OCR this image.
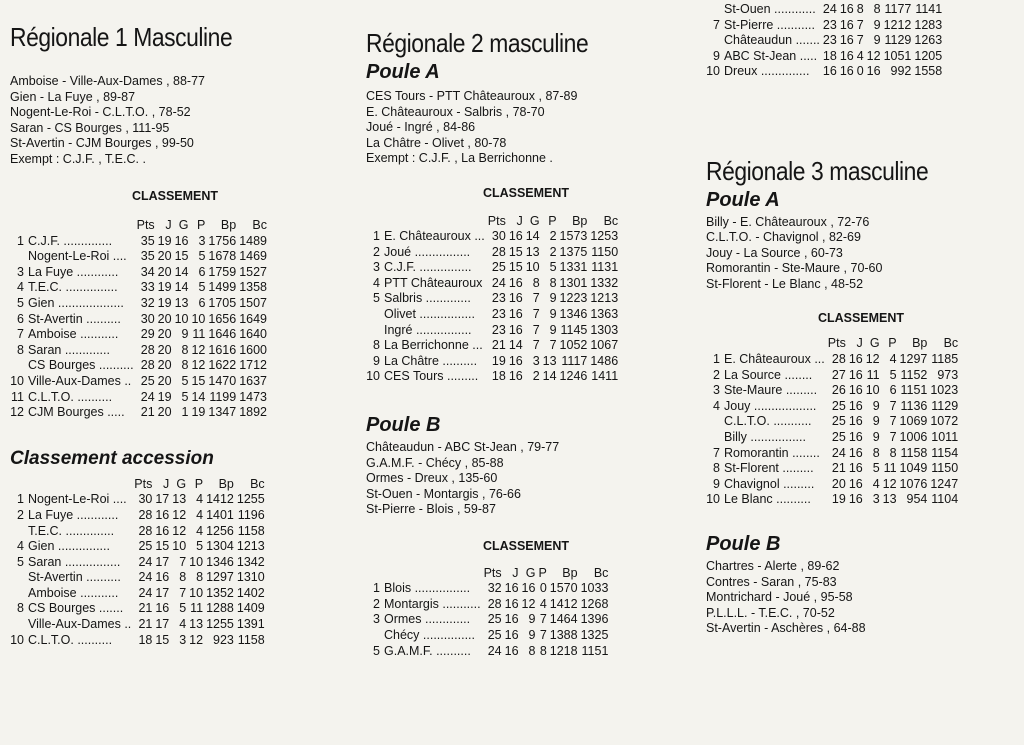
Régionale 1 Masculine
Amboise - Ville-Aux-Dames , 88-77
Gien - La Fuye , 89-87
Nogent-Le-Roi - C.L.T.O. , 78-52
Saran - CS Bourges , 111-95
St-Avertin - CJM Bourges , 99-50
Exempt : C.J.F. , T.E.C. .
CLASSEMENT
		Pts	J	G	P	Bp	Bc
1	C.J.F. ..............	35	19	16	3	1756	1489
	Nogent-Le-Roi ....	35	20	15	5	1678	1469
3	La Fuye ............	34	20	14	6	1759	1527
4	T.E.C. ...............	33	19	14	5	1499	1358
5	Gien ...................	32	19	13	6	1705	1507
6	St-Avertin ..........	30	20	10	10	1656	1649
7	Amboise ...........	29	20	9	11	1646	1640
8	Saran .............	28	20	8	12	1616	1600
	CS Bourges ..........	28	20	8	12	1622	1712
10	Ville-Aux-Dames ..	25	20	5	15	1470	1637
11	C.L.T.O. ..........	24	19	5	14	1199	1473
12	CJM Bourges .....	21	20	1	19	1347	1892
Classement accession
		Pts	J	G	P	Bp	Bc
1	Nogent-Le-Roi ....	30	17	13	4	1412	1255
2	La Fuye ............	28	16	12	4	1401	1196
	T.E.C. ..............	28	16	12	4	1256	1158
4	Gien ...............	25	15	10	5	1304	1213
5	Saran ................	24	17	7	10	1346	1342
	St-Avertin ..........	24	16	8	8	1297	1310
	Amboise ...........	24	17	7	10	1352	1402
8	CS Bourges .......	21	16	5	11	1288	1409
	Ville-Aux-Dames ..	21	17	4	13	1255	1391
10	C.L.T.O. ..........	18	15	3	12	923	1158
Régionale 2 masculine
Poule A
CES Tours - PTT Châteauroux , 87-89
E. Châteauroux - Salbris , 78-70
Joué - Ingré , 84-86
La Châtre - Olivet , 80-78
Exempt : C.J.F. , La Berrichonne .
CLASSEMENT
		Pts	J	G	P	Bp	Bc
1	E. Châteauroux ...	30	16	14	2	1573	1253
2	Joué ................	28	15	13	2	1375	1150
3	C.J.F. ...............	25	15	10	5	1331	1131
4	PTT Châteauroux	24	16	8	8	1301	1332
5	Salbris .............	23	16	7	9	1223	1213
	Olivet ................	23	16	7	9	1346	1363
	Ingré ................	23	16	7	9	1145	1303
8	La Berrichonne ...	21	14	7	7	1052	1067
9	La Châtre ..........	19	16	3	13	1117	1486
10	CES Tours .........	18	16	2	14	1246	1411
Poule B
Châteaudun - ABC St-Jean , 79-77
G.A.M.F. - Chécy , 85-88
Ormes - Dreux , 135-60
St-Ouen - Montargis , 76-66
St-Pierre - Blois , 59-87
CLASSEMENT
		Pts	J	G	P	Bp	Bc
1	Blois ................	32	16	16	0	1570	1033
2	Montargis ...........	28	16	12	4	1412	1268
3	Ormes .............	25	16	9	7	1464	1396
	Chécy ...............	25	16	9	7	1388	1325
5	G.A.M.F. ..........	24	16	8	8	1218	1151
	St-Ouen ............	24	16	8	8	1177	1141
7	St-Pierre ...........	23	16	7	9	1212	1283
	Châteaudun .......	23	16	7	9	1129	1263
9	ABC St-Jean .....	18	16	4	12	1051	1205
10	Dreux ..............	16	16	0	16	992	1558
Régionale 3 masculine
Poule A
Billy - E. Châteauroux , 72-76
C.L.T.O. - Chavignol , 82-69
Jouy - La Source , 60-73
Romorantin - Ste-Maure , 70-60
St-Florent - Le Blanc , 48-52
CLASSEMENT
		Pts	J	G	P	Bp	Bc
1	E. Châteauroux ...	28	16	12	4	1297	1185
2	La Source ........	27	16	11	5	1152	973
3	Ste-Maure .........	26	16	10	6	1151	1023
4	Jouy ..................	25	16	9	7	1136	1129
	C.L.T.O. ...........	25	16	9	7	1069	1072
	Billy ................	25	16	9	7	1006	1011
7	Romorantin ........	24	16	8	8	1158	1154
8	St-Florent .........	21	16	5	11	1049	1150
9	Chavignol .........	20	16	4	12	1076	1247
10	Le Blanc ..........	19	16	3	13	954	1104
Poule B
Chartres - Alerte , 89-62
Contres - Saran , 75-83
Montrichard - Joué , 95-58
P.L.L.L. - T.E.C. , 70-52
St-Avertin - Aschères , 64-88
